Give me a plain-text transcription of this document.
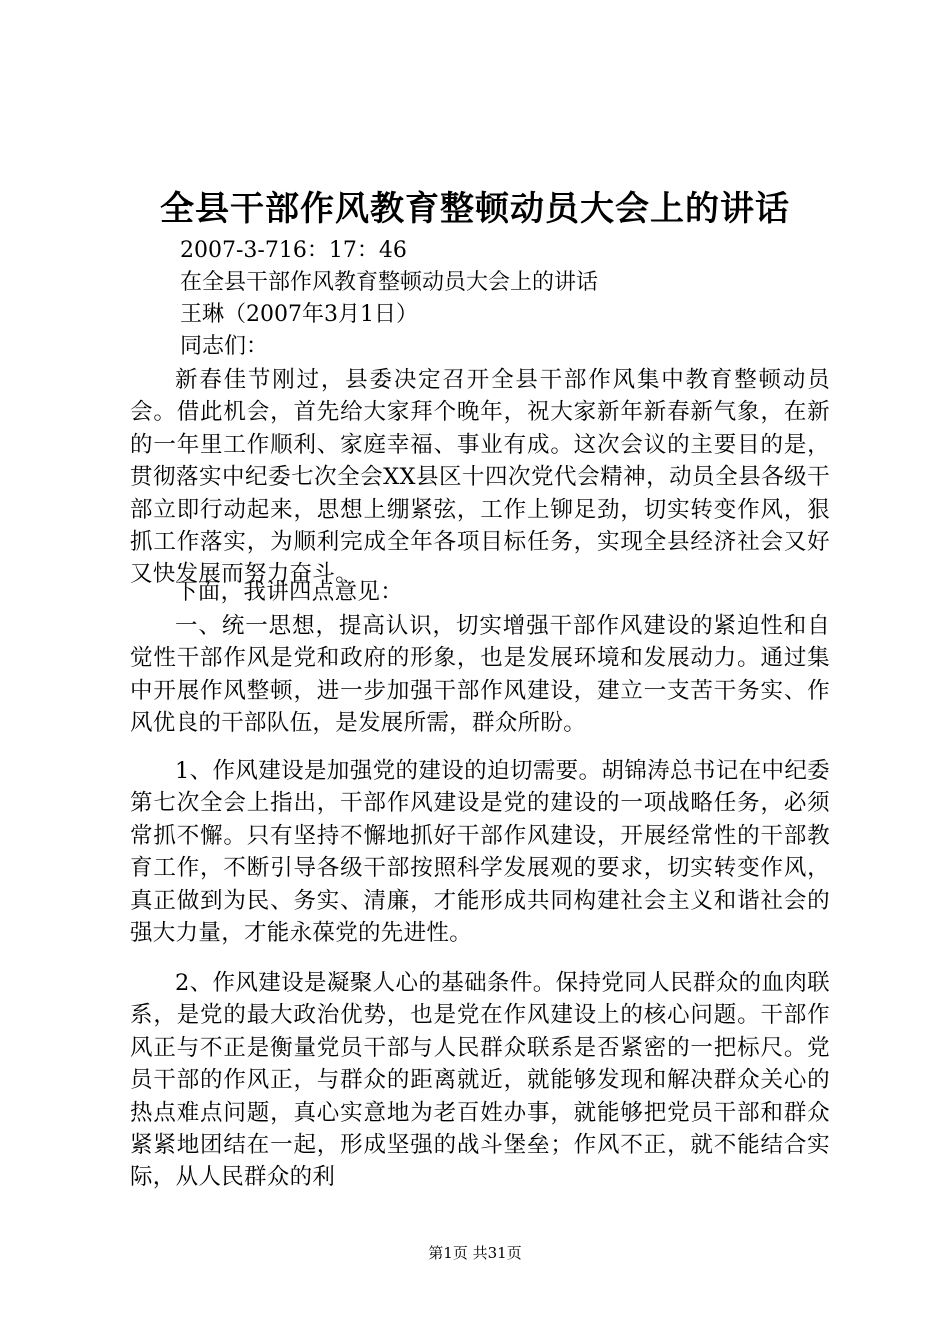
全县干部作风教育整顿动员大会上的讲话
2007-3-716：17：46
在全县干部作风教育整顿动员大会上的讲话
王琳（2007年3月1日）
同志们：
新春佳节刚过，县委决定召开全县干部作风集中教育整顿动员会。借此机会，首先给大家拜个晚年，祝大家新年新春新气象，在新的一年里工作顺利、家庭幸福、事业有成。这次会议的主要目的是，贯彻落实中纪委七次全会XX县区十四次党代会精神，动员全县各级干部立即行动起来，思想上绷紧弦，工作上铆足劲，切实转变作风，狠抓工作落实，为顺利完成全年各项目标任务，实现全县经济社会又好又快发展而努力奋斗。
下面，我讲四点意见：
一、统一思想，提高认识，切实增强干部作风建设的紧迫性和自觉性干部作风是党和政府的形象，也是发展环境和发展动力。通过集中开展作风整顿，进一步加强干部作风建设，建立一支苦干务实、作风优良的干部队伍，是发展所需，群众所盼。
1、作风建设是加强党的建设的迫切需要。胡锦涛总书记在中纪委第七次全会上指出，干部作风建设是党的建设的一项战略任务，必须常抓不懈。只有坚持不懈地抓好干部作风建设，开展经常性的干部教育工作，不断引导各级干部按照科学发展观的要求，切实转变作风，真正做到为民、务实、清廉，才能形成共同构建社会主义和谐社会的强大力量，才能永葆党的先进性。
2、作风建设是凝聚人心的基础条件。保持党同人民群众的血肉联系，是党的最大政治优势，也是党在作风建设上的核心问题。干部作风正与不正是衡量党员干部与人民群众联系是否紧密的一把标尺。党员干部的作风正，与群众的距离就近，就能够发现和解决群众关心的热点难点问题，真心实意地为老百姓办事，就能够把党员干部和群众紧紧地团结在一起，形成坚强的战斗堡垒；作风不正，就不能结合实际，从人民群众的利
第1页 共31页
